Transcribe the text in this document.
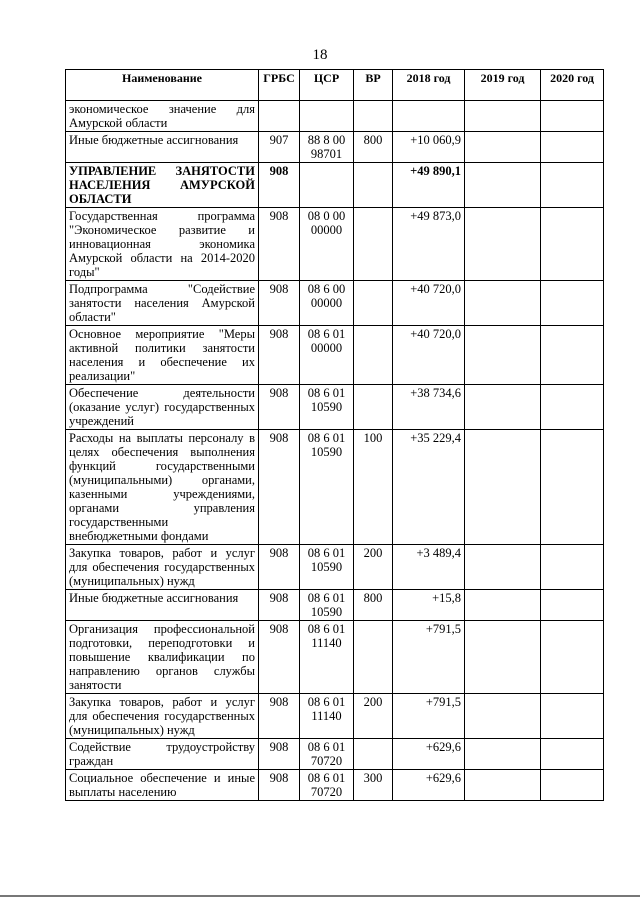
18
Наименование	ГРБС	ЦСР	ВР	2018 год	2019 год	2020 год
экономическое значение для Амурской области						
Иные бюджетные ассигнования	907	88 8 00 98701	800	+10 060,9		
УПРАВЛЕНИЕ ЗАНЯТОСТИ НАСЕЛЕНИЯ АМУРСКОЙ ОБЛАСТИ	908			+49 890,1		
Государственная программа "Экономическое развитие и инновационная экономика Амурской области на 2014-2020 годы"	908	08 0 00 00000		+49 873,0		
Подпрограмма "Содействие занятости населения Амурской области"	908	08 6 00 00000		+40 720,0		
Основное мероприятие "Меры активной политики занятости населения и обеспечение их реализации"	908	08 6 01 00000		+40 720,0		
Обеспечение деятельности (оказание услуг) государственных учреждений	908	08 6 01 10590		+38 734,6		
Расходы на выплаты персоналу в целях обеспечения выполнения функций государственными (муниципальными) органами, казенными учреждениями, органами управления государственными внебюджетными фондами	908	08 6 01 10590	100	+35 229,4		
Закупка товаров, работ и услуг для обеспечения государственных (муниципальных) нужд	908	08 6 01 10590	200	+3 489,4		
Иные бюджетные ассигнования	908	08 6 01 10590	800	+15,8		
Организация профессиональной подготовки, переподготовки и повышение квалификации по направлению органов службы занятости	908	08 6 01 11140		+791,5		
Закупка товаров, работ и услуг для обеспечения государственных (муниципальных) нужд	908	08 6 01 11140	200	+791,5		
Содействие трудоустройству граждан	908	08 6 01 70720		+629,6		
Социальное обеспечение и иные выплаты населению	908	08 6 01 70720	300	+629,6		
